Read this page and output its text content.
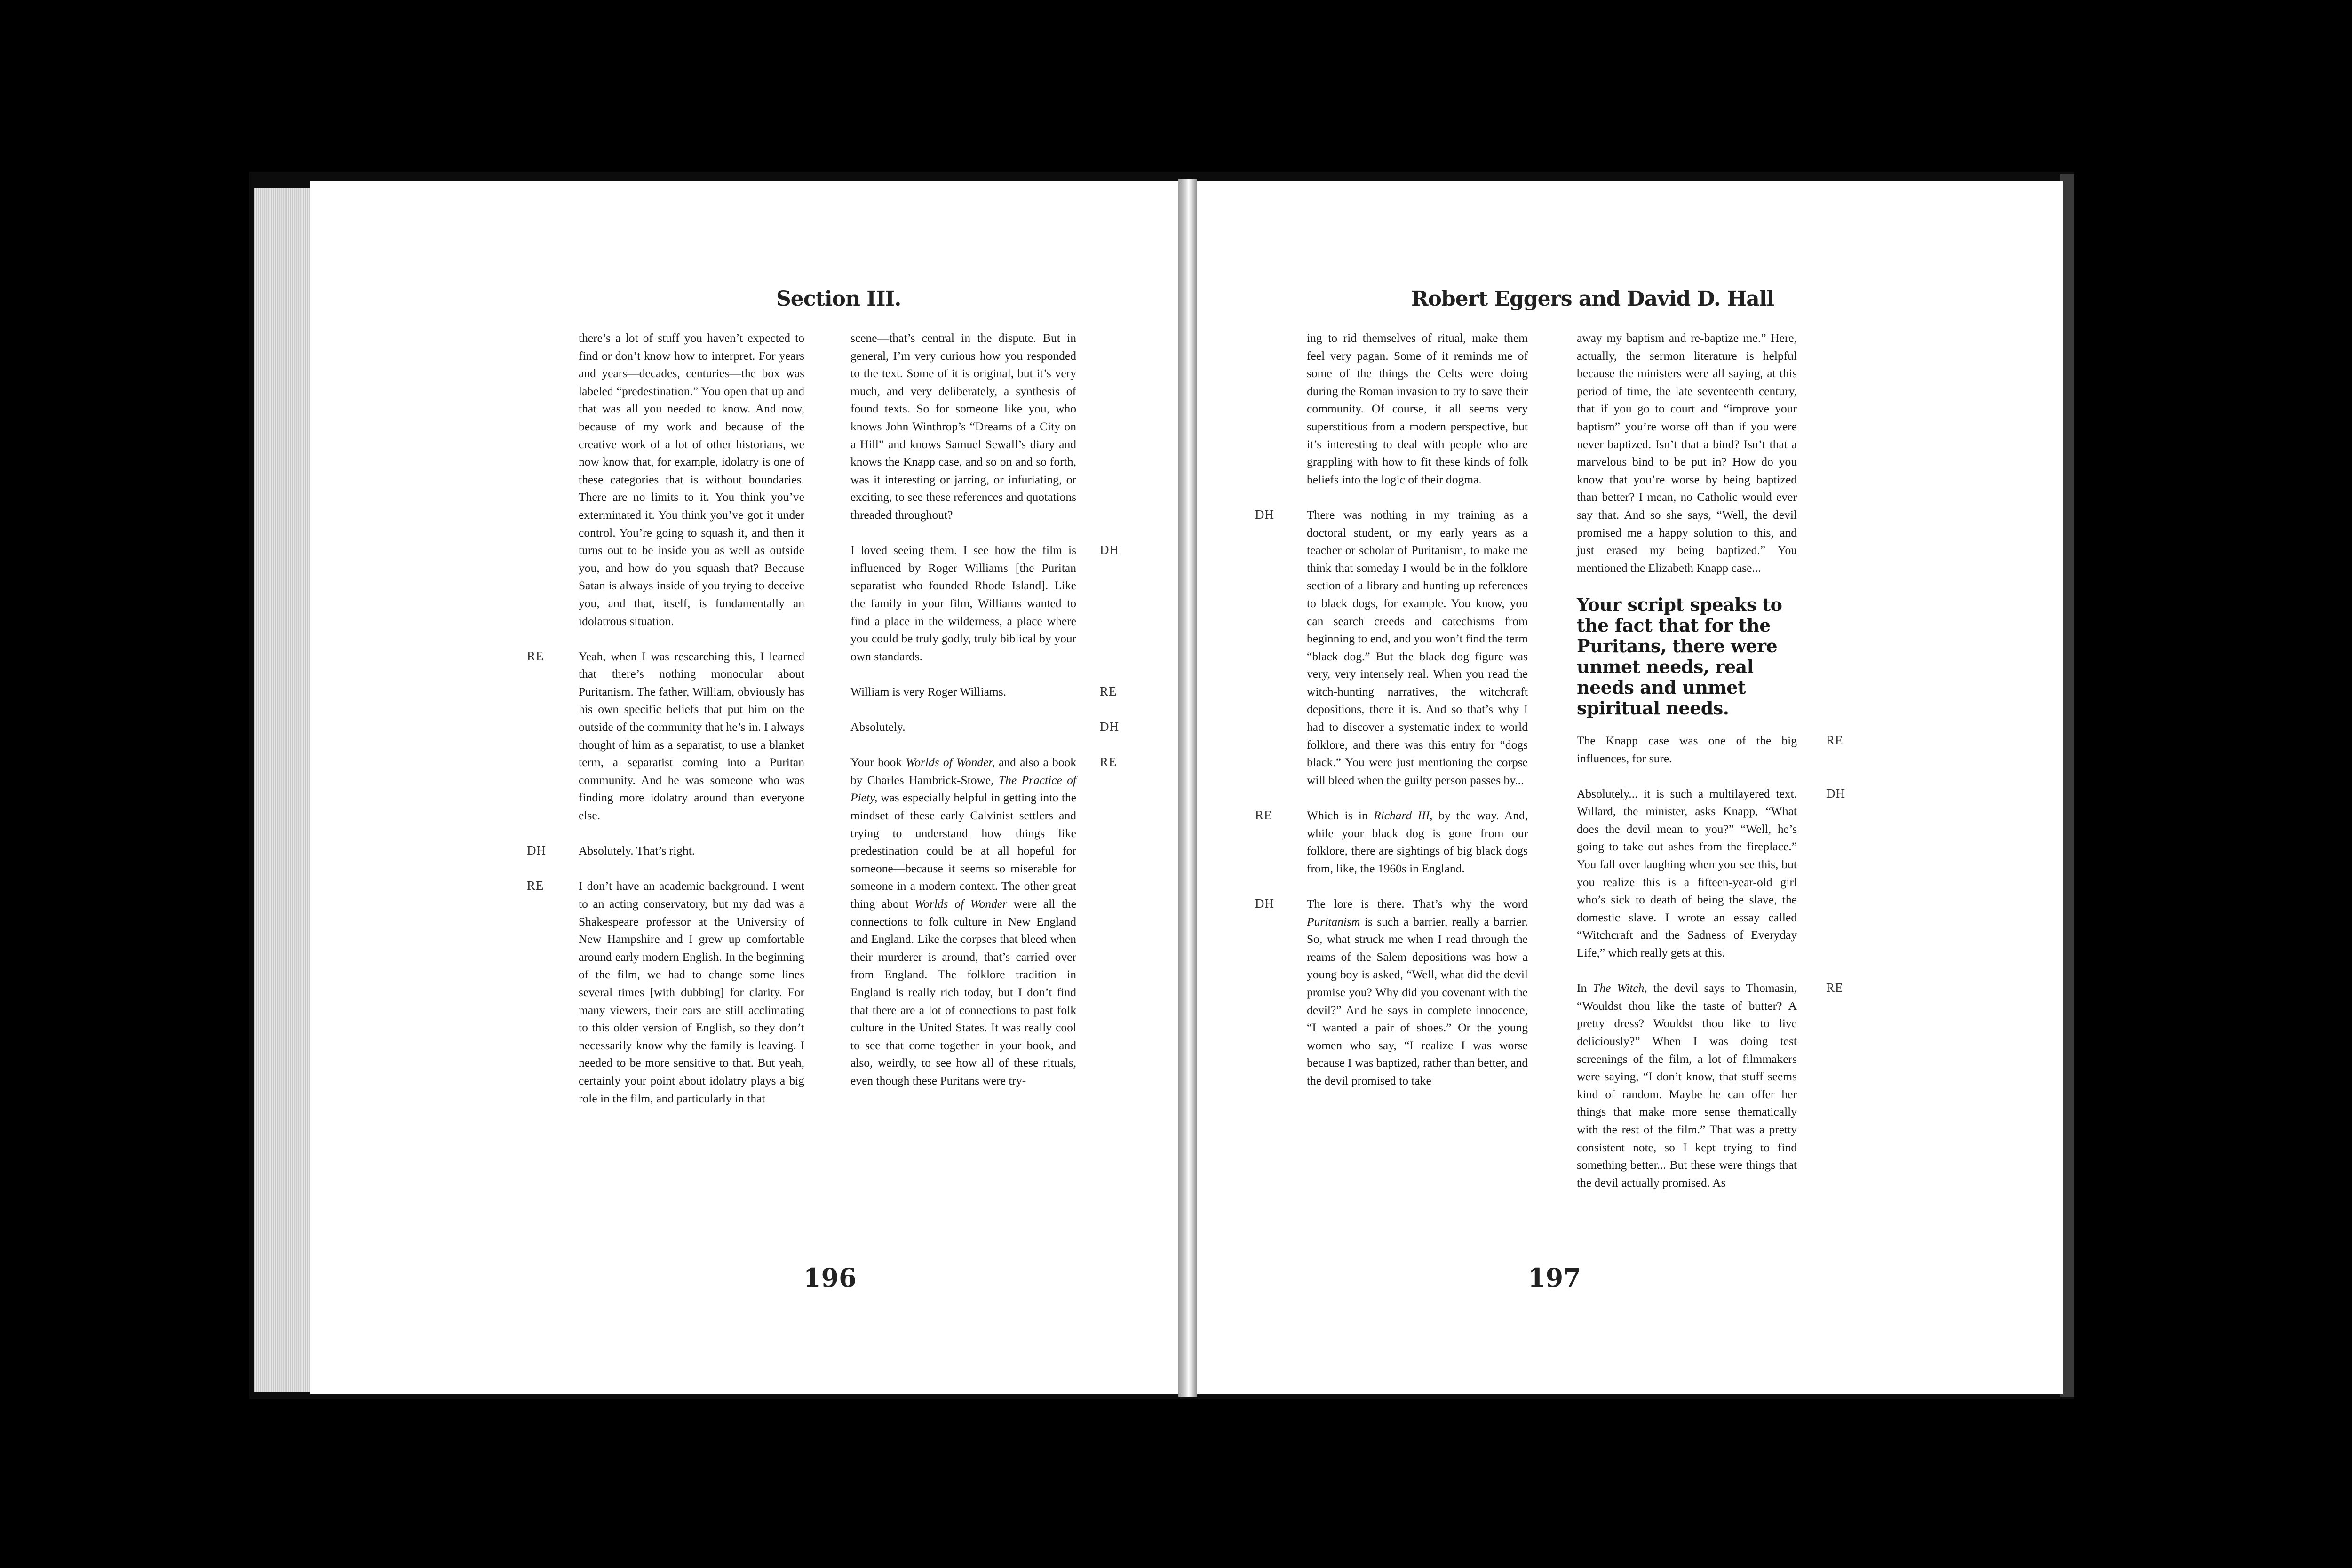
Section III.

there’s a lot of stuff you haven’t expected to find or don’t know how to interpret. For years and years—decades, centuries—the box was labeled “predestination.” You open that up and that was all you needed to know. And now, because of my work and because of the creative work of a lot of other historians, we now know that, for example, idolatry is one of these categories that is without boundaries. There are no limits to it. You think you’ve exterminated it. You think you’ve got it under control. You’re going to squash it, and then it turns out to be inside you as well as outside you, and how do you squash that? Because Satan is always inside of you trying to deceive you, and that, itself, is fundamentally an idolatrous situation.

RE	Yeah, when I was researching this, I learned that there’s nothing monocular about Puritanism. The father, William, obviously has his own specific beliefs that put him on the outside of the community that he’s in. I always thought of him as a separatist, to use a blanket term, a separatist coming into a Puritan community. And he was someone who was finding more idolatry around than everyone else.

DH	Absolutely. That’s right.

RE	I don’t have an academic background. I went to an acting conservatory, but my dad was a Shakespeare professor at the University of New Hampshire and I grew up comfortable around early modern English. In the beginning of the film, we had to change some lines several times [with dubbing] for clarity. For many viewers, their ears are still acclimating to this older version of English, so they don’t necessarily know why the family is leaving. I needed to be more sensitive to that. But yeah, certainly your point about idolatry plays a big role in the film, and particularly in that

scene—that’s central in the dispute. But in general, I’m very curious how you responded to the text. Some of it is original, but it’s very much, and very deliberately, a synthesis of found texts. So for someone like you, who knows John Winthrop’s “Dreams of a City on a Hill” and knows Samuel Sewall’s diary and knows the Knapp case, and so on and so forth, was it interesting or jarring, or infuriating, or exciting, to see these references and quotations threaded throughout?

DH

I loved seeing them. I see how the film is influenced by Roger Williams [the Puritan separatist who founded Rhode Island]. Like the family in your film, Williams wanted to find a place in the wilderness, a place where you could be truly godly, truly biblical by your own standards.

RE

William is very Roger Williams.

DH

Absolutely.

RE

Your book Worlds of Wonder, and also a book by Charles Hambrick-Stowe, The Practice of Piety, was especially helpful in getting into the mindset of these early Calvinist settlers and trying to understand how things like predestination could be at all hopeful for someone—because it seems so miserable for someone in a modern context. The other great thing about Worlds of Wonder were all the connections to folk culture in New England and England. Like the corpses that bleed when their murderer is around, that’s carried over from England. The folklore tradition in England is really rich today, but I don’t find that there are a lot of connections to past folk culture in the United States. It was really cool to see that come together in your book, and also, weirdly, to see how all of these rituals, even though these Puritans were try-

196
Robert Eggers and David D. Hall

ing to rid themselves of ritual, make them feel very pagan. Some of it reminds me of some of the things the Celts were doing during the Roman invasion to try to save their community. Of course, it all seems very superstitious from a modern perspective, but it’s interesting to deal with people who are grappling with how to fit these kinds of folk beliefs into the logic of their dogma.

DH	There was nothing in my training as a doctoral student, or my early years as a teacher or scholar of Puritanism, to make me think that someday I would be in the folklore section of a library and hunting up references to black dogs, for example. You know, you can search creeds and catechisms from beginning to end, and you won’t find the term “black dog.” But the black dog figure was very, very intensely real. When you read the witch-hunting narratives, the witchcraft depositions, there it is. And so that’s why I had to discover a systematic index to world folklore, and there was this entry for “dogs black.” You were just mentioning the corpse will bleed when the guilty person passes by...

RE	Which is in Richard III, by the way. And, while your black dog is gone from our folklore, there are sightings of big black dogs from, like, the 1960s in England.

DH	The lore is there. That’s why the word Puritanism is such a barrier, really a barrier. So, what struck me when I read through the reams of the Salem depositions was how a young boy is asked, “Well, what did the devil promise you? Why did you covenant with the devil?” And he says in complete innocence, “I wanted a pair of shoes.” Or the young women who say, “I realize I was worse because I was baptized, rather than better, and the devil promised to take

away my baptism and re-baptize me.” Here, actually, the sermon literature is helpful because the ministers were all saying, at this period of time, the late seventeenth century, that if you go to court and “improve your baptism” you’re worse off than if you were never baptized. Isn’t that a bind? Isn’t that a marvelous bind to be put in? How do you know that you’re worse by being baptized than better? I mean, no Catholic would ever say that. And so she says, “Well, the devil promised me a happy solution to this, and just erased my being baptized.” You mentioned the Elizabeth Knapp case...

Your script speaks to the fact that for the Puritans, there were unmet needs, real needs and unmet spiritual needs.
RE

The Knapp case was one of the big influences, for sure.

DH

Absolutely... it is such a multilayered text. Willard, the minister, asks Knapp, “What does the devil mean to you?” “Well, he’s going to take out ashes from the fireplace.” You fall over laughing when you see this, but you realize this is a fifteen-year-old girl who’s sick to death of being the slave, the domestic slave. I wrote an essay called “Witchcraft and the Sadness of Everyday Life,” which really gets at this.

RE

In The Witch, the devil says to Thomasin, “Wouldst thou like the taste of butter? A pretty dress? Wouldst thou like to live deliciously?” When I was doing test screenings of the film, a lot of filmmakers were saying, “I don’t know, that stuff seems kind of random. Maybe he can offer her things that make more sense thematically with the rest of the film.” That was a pretty consistent note, so I kept trying to find something better... But these were things that the devil actually promised. As

197
